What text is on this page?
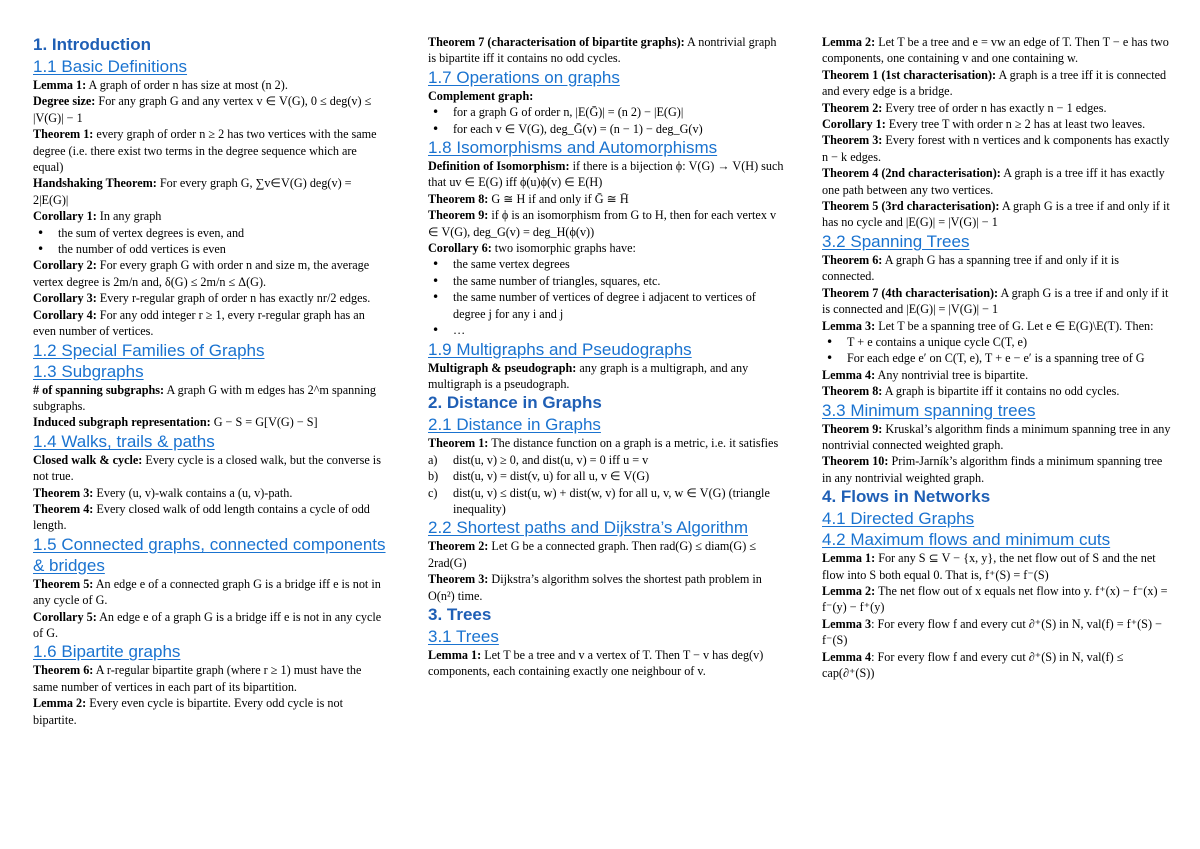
1. Introduction
1.1 Basic Definitions

Lemma 1: A graph of order n has size at most (n 2).

Degree size: For any graph G and any vertex v ∈ V(G), 0 ≤ deg(v) ≤ |V(G)| − 1

Theorem 1: every graph of order n ≥ 2 has two vertices with the same degree (i.e. there exist two terms in the degree sequence which are equal)

Handshaking Theorem: For every graph G, ∑v∈V(G) deg(v) = 2|E(G)|

Corollary 1: In any graph

• the sum of vertex degrees is even, and
• the number of odd vertices is even

Corollary 2: For every graph G with order n and size m, the average vertex degree is 2m/n and, δ(G) ≤ 2m/n ≤ Δ(G).

Corollary 3: Every r-regular graph of order n has exactly nr/2 edges.

Corollary 4: For any odd integer r ≥ 1, every r-regular graph has an even number of vertices.

1.2 Special Families of Graphs
1.3 Subgraphs

# of spanning subgraphs: A graph G with m edges has 2^m spanning subgraphs.

Induced subgraph representation: G − S = G[V(G) − S]

1.4 Walks, trails & paths

Closed walk & cycle: Every cycle is a closed walk, but the converse is not true.

Theorem 3: Every (u, v)-walk contains a (u, v)-path.

Theorem 4: Every closed walk of odd length contains a cycle of odd length.

1.5 Connected graphs, connected components & bridges

Theorem 5: An edge e of a connected graph G is a bridge iff e is not in any cycle of G.

Corollary 5: An edge e of a graph G is a bridge iff e is not in any cycle of G.

1.6 Bipartite graphs

Theorem 6: A r-regular bipartite graph (where r ≥ 1) must have the same number of vertices in each part of its bipartition.

Lemma 2: Every even cycle is bipartite. Every odd cycle is not bipartite.

Theorem 7 (characterisation of bipartite graphs): A nontrivial graph is bipartite iff it contains no odd cycles.

1.7 Operations on graphs

Complement graph:

• for a graph G of order n, |E(Ḡ)| = (n 2) − |E(G)|
• for each v ∈ V(G), deg_Ḡ(v) = (n − 1) − deg_G(v)
1.8 Isomorphisms and Automorphisms

Definition of Isomorphism: if there is a bijection ϕ: V(G) → V(H) such that uv ∈ E(G) iff ϕ(u)ϕ(v) ∈ E(H)

Theorem 8: G ≅ H if and only if Ḡ ≅ H̄

Theorem 9: if ϕ is an isomorphism from G to H, then for each vertex v ∈ V(G), deg_G(v) = deg_H(ϕ(v))

Corollary 6: two isomorphic graphs have:

• the same vertex degrees
• the same number of triangles, squares, etc.
• the same number of vertices of degree i adjacent to vertices of degree j for any i and j
• …
1.9 Multigraphs and Pseudographs

Multigraph & pseudograph: any graph is a multigraph, and any multigraph is a pseudograph.

2. Distance in Graphs
2.1 Distance in Graphs

Theorem 1: The distance function on a graph is a metric, i.e. it satisfies

a) dist(u, v) ≥ 0, and dist(u, v) = 0 iff u = v
b) dist(u, v) = dist(v, u) for all u, v ∈ V(G)
c) dist(u, v) ≤ dist(u, w) + dist(w, v) for all u, v, w ∈ V(G) (triangle inequality)
2.2 Shortest paths and Dijkstra’s Algorithm

Theorem 2: Let G be a connected graph. Then rad(G) ≤ diam(G) ≤ 2rad(G)

Theorem 3: Dijkstra’s algorithm solves the shortest path problem in O(n²) time.

3. Trees
3.1 Trees

Lemma 1: Let T be a tree and v a vertex of T. Then T − v has deg(v) components, each containing exactly one neighbour of v.

Lemma 2: Let T be a tree and e = vw an edge of T. Then T − e has two components, one containing v and one containing w.

Theorem 1 (1st characterisation): A graph is a tree iff it is connected and every edge is a bridge.

Theorem 2: Every tree of order n has exactly n − 1 edges.

Corollary 1: Every tree T with order n ≥ 2 has at least two leaves.

Theorem 3: Every forest with n vertices and k components has exactly n − k edges.

Theorem 4 (2nd characterisation): A graph is a tree iff it has exactly one path between any two vertices.

Theorem 5 (3rd characterisation): A graph G is a tree if and only if it has no cycle and |E(G)| = |V(G)| − 1

3.2 Spanning Trees

Theorem 6: A graph G has a spanning tree if and only if it is connected.

Theorem 7 (4th characterisation): A graph G is a tree if and only if it is connected and |E(G)| = |V(G)| − 1

Lemma 3: Let T be a spanning tree of G. Let e ∈ E(G)\E(T). Then:

• T + e contains a unique cycle C(T, e)
• For each edge e′ on C(T, e), T + e − e′ is a spanning tree of G

Lemma 4: Any nontrivial tree is bipartite.

Theorem 8: A graph is bipartite iff it contains no odd cycles.

3.3 Minimum spanning trees

Theorem 9: Kruskal’s algorithm finds a minimum spanning tree in any nontrivial connected weighted graph.

Theorem 10: Prim-Jarník’s algorithm finds a minimum spanning tree in any nontrivial weighted graph.

4. Flows in Networks
4.1 Directed Graphs
4.2 Maximum flows and minimum cuts

Lemma 1: For any S ⊆ V − {x, y}, the net flow out of S and the net flow into S both equal 0. That is, f⁺(S) = f⁻(S)

Lemma 2: The net flow out of x equals net flow into y. f⁺(x) − f⁻(x) = f⁻(y) − f⁺(y)

Lemma 3: For every flow f and every cut ∂⁺(S) in N, val(f) = f⁺(S) − f⁻(S)

Lemma 4: For every flow f and every cut ∂⁺(S) in N, val(f) ≤ cap(∂⁺(S))
